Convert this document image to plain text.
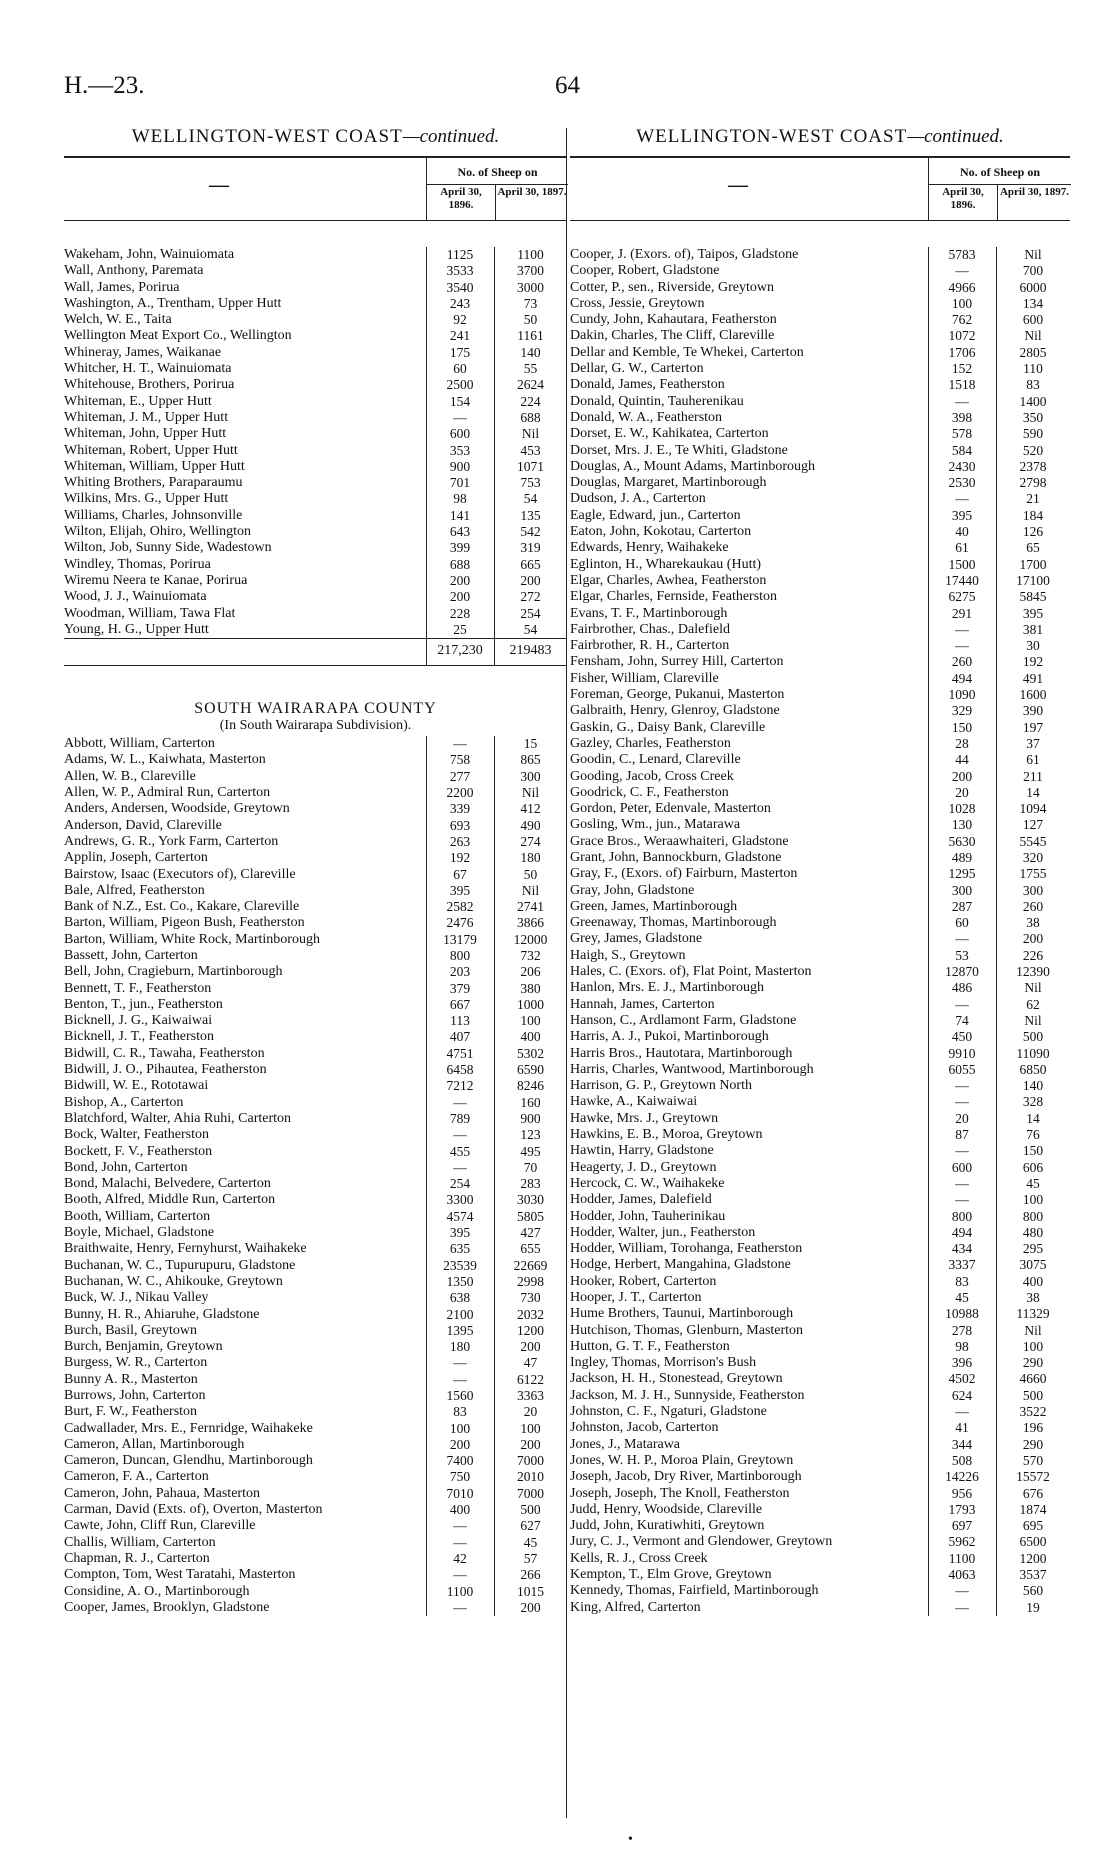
H.—23.	64
WELLINGTON-WEST COAST—continued.
—
No. of Sheep on
April 30, 1896.
April 30, 1897.
Wakeham, John, Wainuiomata	1125	1100
Wall, Anthony, Paremata	3533	3700
Wall, James, Porirua	3540	3000
Washington, A., Trentham, Upper Hutt	243	73
Welch, W. E., Taita	92	50
Wellington Meat Export Co., Wellington	241	1161
Whineray, James, Waikanae	175	140
Whitcher, H. T., Wainuiomata	60	55
Whitehouse, Brothers, Porirua	2500	2624
Whiteman, E., Upper Hutt	154	224
Whiteman, J. M., Upper Hutt	—	688
Whiteman, John, Upper Hutt	600	Nil
Whiteman, Robert, Upper Hutt	353	453
Whiteman, William, Upper Hutt	900	1071
Whiting Brothers, Paraparaumu	701	753
Wilkins, Mrs. G., Upper Hutt	98	54
Williams, Charles, Johnsonville	141	135
Wilton, Elijah, Ohiro, Wellington	643	542
Wilton, Job, Sunny Side, Wadestown	399	319
Windley, Thomas, Porirua	688	665
Wiremu Neera te Kanae, Porirua	200	200
Wood, J. J., Wainuiomata	200	272
Woodman, William, Tawa Flat	228	254
Young, H. G., Upper Hutt	25	54
217,230	219483
SOUTH WAIRARAPA COUNTY
(In South Wairarapa Subdivision).
Abbott, William, Carterton	—	15
Adams, W. L., Kaiwhata, Masterton	758	865
Allen, W. B., Clareville	277	300
Allen, W. P., Admiral Run, Carterton	2200	Nil
Anders, Andersen, Woodside, Greytown	339	412
Anderson, David, Clareville	693	490
Andrews, G. R., York Farm, Carterton	263	274
Applin, Joseph, Carterton	192	180
Bairstow, Isaac (Executors of), Clareville	67	50
Bale, Alfred, Featherston	395	Nil
Bank of N.Z., Est. Co., Kakare, Clareville	2582	2741
Barton, William, Pigeon Bush, Featherston	2476	3866
Barton, William, White Rock, Martinborough	13179	12000
Bassett, John, Carterton	800	732
Bell, John, Cragieburn, Martinborough	203	206
Bennett, T. F., Featherston	379	380
Benton, T., jun., Featherston	667	1000
Bicknell, J. G., Kaiwaiwai	113	100
Bicknell, J. T., Featherston	407	400
Bidwill, C. R., Tawaha, Featherston	4751	5302
Bidwill, J. O., Pihautea, Featherston	6458	6590
Bidwill, W. E., Rototawai	7212	8246
Bishop, A., Carterton	—	160
Blatchford, Walter, Ahia Ruhi, Carterton	789	900
Bock, Walter, Featherston	—	123
Bockett, F. V., Featherston	455	495
Bond, John, Carterton	—	70
Bond, Malachi, Belvedere, Carterton	254	283
Booth, Alfred, Middle Run, Carterton	3300	3030
Booth, William, Carterton	4574	5805
Boyle, Michael, Gladstone	395	427
Braithwaite, Henry, Fernyhurst, Waihakeke	635	655
Buchanan, W. C., Tupurupuru, Gladstone	23539	22669
Buchanan, W. C., Ahikouke, Greytown	1350	2998
Buck, W. J., Nikau Valley	638	730
Bunny, H. R., Ahiaruhe, Gladstone	2100	2032
Burch, Basil, Greytown	1395	1200
Burch, Benjamin, Greytown	180	200
Burgess, W. R., Carterton	—	47
Bunny A. R., Masterton	—	6122
Burrows, John, Carterton	1560	3363
Burt, F. W., Featherston	83	20
Cadwallader, Mrs. E., Fernridge, Waihakeke	100	100
Cameron, Allan, Martinborough	200	200
Cameron, Duncan, Glendhu, Martinborough	7400	7000
Cameron, F. A., Carterton	750	2010
Cameron, John, Pahaua, Masterton	7010	7000
Carman, David (Exts. of), Overton, Masterton	400	500
Cawte, John, Cliff Run, Clareville	—	627
Challis, William, Carterton	—	45
Chapman, R. J., Carterton	42	57
Compton, Tom, West Taratahi, Masterton	—	266
Considine, A. O., Martinborough	1100	1015
Cooper, James, Brooklyn, Gladstone	—	200
WELLINGTON-WEST COAST—continued.
—
No. of Sheep on
April 30, 1896.
April 30, 1897.
Cooper, J. (Exors. of), Taipos, Gladstone	5783	Nil
Cooper, Robert, Gladstone	—	700
Cotter, P., sen., Riverside, Greytown	4966	6000
Cross, Jessie, Greytown	100	134
Cundy, John, Kahautara, Featherston	762	600
Dakin, Charles, The Cliff, Clareville	1072	Nil
Dellar and Kemble, Te Whekei, Carterton	1706	2805
Dellar, G. W., Carterton	152	110
Donald, James, Featherston	1518	83
Donald, Quintin, Tauherenikau	—	1400
Donald, W. A., Featherston	398	350
Dorset, E. W., Kahikatea, Carterton	578	590
Dorset, Mrs. J. E., Te Whiti, Gladstone	584	520
Douglas, A., Mount Adams, Martinborough	2430	2378
Douglas, Margaret, Martinborough	2530	2798
Dudson, J. A., Carterton	—	21
Eagle, Edward, jun., Carterton	395	184
Eaton, John, Kokotau, Carterton	40	126
Edwards, Henry, Waihakeke	61	65
Eglinton, H., Wharekaukau (Hutt)	1500	1700
Elgar, Charles, Awhea, Featherston	17440	17100
Elgar, Charles, Fernside, Featherston	6275	5845
Evans, T. F., Martinborough	291	395
Fairbrother, Chas., Dalefield	—	381
Fairbrother, R. H., Carterton	—	30
Fensham, John, Surrey Hill, Carterton	260	192
Fisher, William, Clareville	494	491
Foreman, George, Pukanui, Masterton	1090	1600
Galbraith, Henry, Glenroy, Gladstone	329	390
Gaskin, G., Daisy Bank, Clareville	150	197
Gazley, Charles, Featherston	28	37
Goodin, C., Lenard, Clareville	44	61
Gooding, Jacob, Cross Creek	200	211
Goodrick, C. F., Featherston	20	14
Gordon, Peter, Edenvale, Masterton	1028	1094
Gosling, Wm., jun., Matarawa	130	127
Grace Bros., Weraawhaiteri, Gladstone	5630	5545
Grant, John, Bannockburn, Gladstone	489	320
Gray, F., (Exors. of) Fairburn, Masterton	1295	1755
Gray, John, Gladstone	300	300
Green, James, Martinborough	287	260
Greenaway, Thomas, Martinborough	60	38
Grey, James, Gladstone	—	200
Haigh, S., Greytown	53	226
Hales, C. (Exors. of), Flat Point, Masterton	12870	12390
Hanlon, Mrs. E. J., Martinborough	486	Nil
Hannah, James, Carterton	—	62
Hanson, C., Ardlamont Farm, Gladstone	74	Nil
Harris, A. J., Pukoi, Martinborough	450	500
Harris Bros., Hautotara, Martinborough	9910	11090
Harris, Charles, Wantwood, Martinborough	6055	6850
Harrison, G. P., Greytown North	—	140
Hawke, A., Kaiwaiwai	—	328
Hawke, Mrs. J., Greytown	20	14
Hawkins, E. B., Moroa, Greytown	87	76
Hawtin, Harry, Gladstone	—	150
Heagerty, J. D., Greytown	600	606
Hercock, C. W., Waihakeke	—	45
Hodder, James, Dalefield	—	100
Hodder, John, Tauherinikau	800	800
Hodder, Walter, jun., Featherston	494	480
Hodder, William, Torohanga, Featherston	434	295
Hodge, Herbert, Mangahina, Gladstone	3337	3075
Hooker, Robert, Carterton	83	400
Hooper, J. T., Carterton	45	38
Hume Brothers, Taunui, Martinborough	10988	11329
Hutchison, Thomas, Glenburn, Masterton	278	Nil
Hutton, G. T. F., Featherston	98	100
Ingley, Thomas, Morrison's Bush	396	290
Jackson, H. H., Stonestead, Greytown	4502	4660
Jackson, M. J. H., Sunnyside, Featherston	624	500
Johnston, C. F., Ngaturi, Gladstone	—	3522
Johnston, Jacob, Carterton	41	196
Jones, J., Matarawa	344	290
Jones, W. H. P., Moroa Plain, Greytown	508	570
Joseph, Jacob, Dry River, Martinborough	14226	15572
Joseph, Joseph, The Knoll, Featherston	956	676
Judd, Henry, Woodside, Clareville	1793	1874
Judd, John, Kuratiwhiti, Greytown	697	695
Jury, C. J., Vermont and Glendower, Greytown	5962	6500
Kells, R. J., Cross Creek	1100	1200
Kempton, T., Elm Grove, Greytown	4063	3537
Kennedy, Thomas, Fairfield, Martinborough	—	560
King, Alfred, Carterton	—	19
•
